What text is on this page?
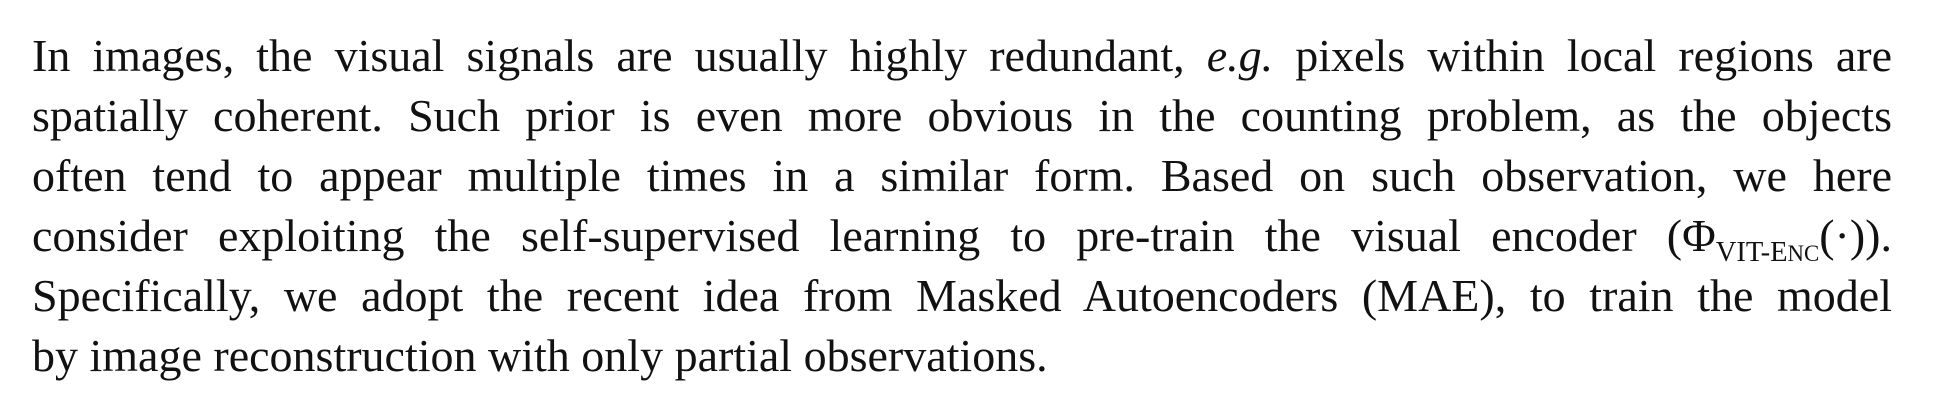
In images, the visual signals are usually highly redundant, e.g. pixels within local regions are
spatially coherent. Such prior is even more obvious in the counting problem, as the objects
often tend to appear multiple times in a similar form. Based on such observation, we here
consider exploiting the self-supervised learning to pre-train the visual encoder $(\Phi_{VIT-ENC}(\cdot))$.
Specifically, we adopt the recent idea from Masked Autoencoders (MAE), to train the model
by image reconstruction with only partial observations.
